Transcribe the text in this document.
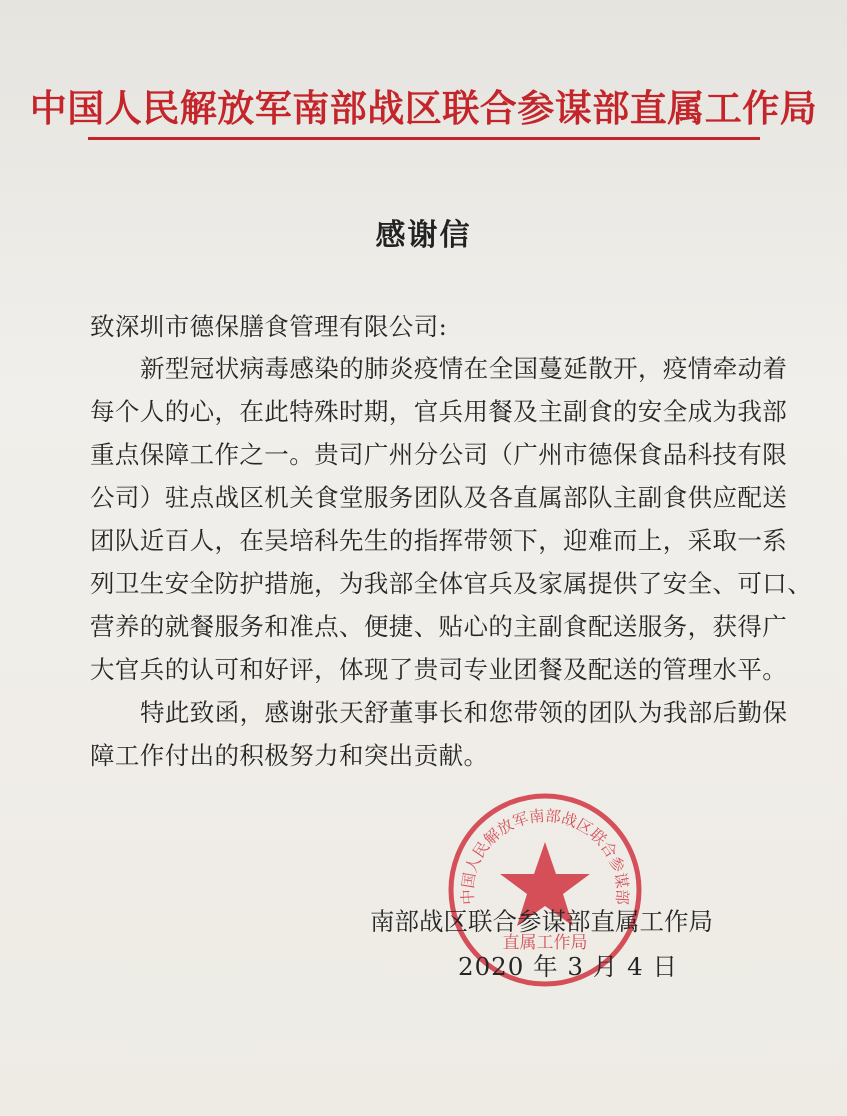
中国人民解放军南部战区联合参谋部直属工作局
感谢信
致深圳市德保膳食管理有限公司:
新型冠状病毒感染的肺炎疫情在全国蔓延散开，疫情牵动着
每个人的心，在此特殊时期，官兵用餐及主副食的安全成为我部
重点保障工作之一。贵司广州分公司（广州市德保食品科技有限
公司）驻点战区机关食堂服务团队及各直属部队主副食供应配送
团队近百人，在吴培科先生的指挥带领下，迎难而上，采取一系
列卫生安全防护措施，为我部全体官兵及家属提供了安全、可口、
营养的就餐服务和准点、便捷、贴心的主副食配送服务，获得广
大官兵的认可和好评，体现了贵司专业团餐及配送的管理水平。
特此致函，感谢张天舒董事长和您带领的团队为我部后勤保
障工作付出的积极努力和突出贡献。
中国人民解放军南部战区联合参谋部
直属工作局
南部战区联合参谋部直属工作局
2020 年 3 月 4 日
